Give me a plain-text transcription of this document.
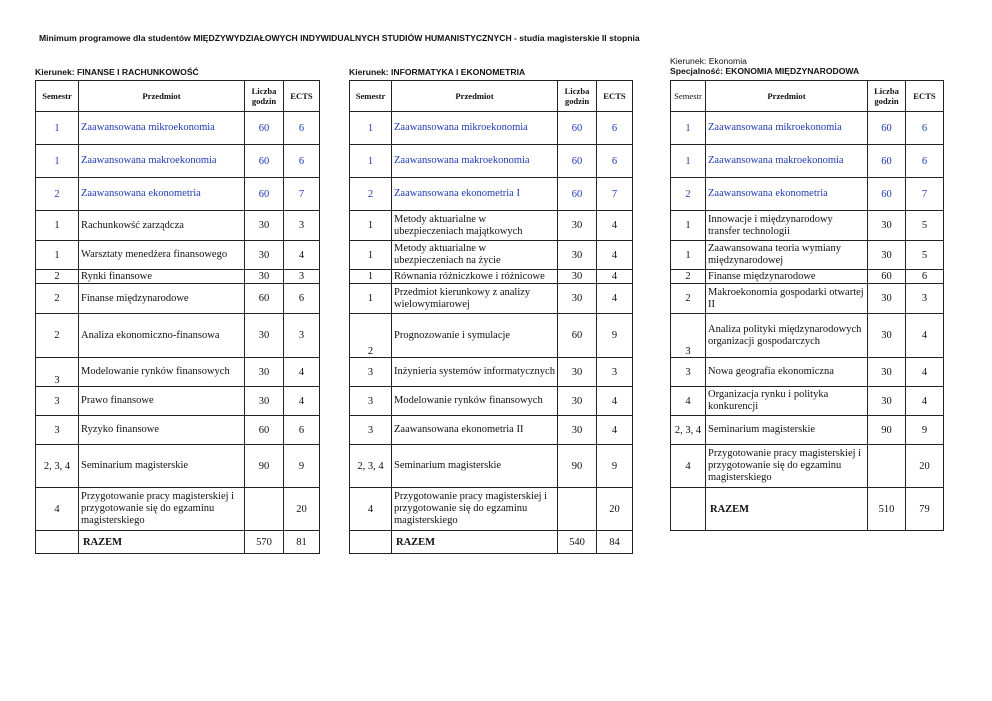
Minimum programowe dla studentów MIĘDZYWYDZIAŁOWYCH INDYWIDUALNYCH STUDIÓW HUMANISTYCZNYCH - studia magisterskie II stopnia
Kierunek: FINANSE I RACHUNKOWOŚĆ
Semestr	Przedmiot	Liczba godzin	ECTS
1	Zaawansowana mikroekonomia	60	6
1	Zaawansowana makroekonomia	60	6
2	Zaawansowana ekonometria	60	7
1	Rachunkowść zarządcza	30	3
1	Warsztaty menedżera finansowego	30	4
2	Rynki finansowe	30	3
2	Finanse międzynarodowe	60	6
2	Analiza ekonomiczno-finansowa	30	3
3	Modelowanie rynków finansowych	30	4
3	Prawo finansowe	30	4
3	Ryzyko finansowe	60	6
2, 3, 4	Seminarium magisterskie	90	9
4	Przygotowanie pracy magisterskiej i przygotowanie się do egzaminu magisterskiego		20
	RAZEM	570	81
Kierunek: INFORMATYKA I EKONOMETRIA
Semestr	Przedmiot	Liczba godzin	ECTS
1	Zaawansowana mikroekonomia	60	6
1	Zaawansowana makroekonomia	60	6
2	Zaawansowana ekonometria I	60	7
1	Metody aktuarialne w ubezpieczeniach majątkowych	30	4
1	Metody aktuarialne w ubezpieczeniach na życie	30	4
1	Równania różniczkowe i różnicowe	30	4
1	Przedmiot kierunkowy z analizy wielowymiarowej	30	4
2	Prognozowanie i symulacje	60	9
3	Inżynieria systemów informatycznych	30	3
3	Modelowanie rynków finansowych	30	4
3	Zaawansowana ekonometria II	30	4
2, 3, 4	Seminarium magisterskie	90	9
4	Przygotowanie pracy magisterskiej i przygotowanie się do egzaminu magisterskiego		20
	RAZEM	540	84
Kierunek: Ekonomia
Specjalność: EKONOMIA MIĘDZYNARODOWA
Semestr	Przedmiot	Liczba godzin	ECTS
1	Zaawansowana mikroekonomia	60	6
1	Zaawansowana makroekonomia	60	6
2	Zaawansowana ekonometria	60	7
1	Innowacje i międzynarodowy transfer technologii	30	5
1	Zaawansowana teoria wymiany międzynarodowej	30	5
2	Finanse międzynarodowe	60	6
2	Makroekonomia gospodarki otwartej II	30	3
3	Analiza polityki międzynarodowych organizacji gospodarczych	30	4
3	Nowa geografia ekonomiczna	30	4
4	Organizacja rynku i polityka konkurencji	30	4
2, 3, 4	Seminarium magisterskie	90	9
4	Przygotowanie pracy magisterskiej i przygotowanie się do egzaminu magisterskiego		20
	RAZEM	510	79
